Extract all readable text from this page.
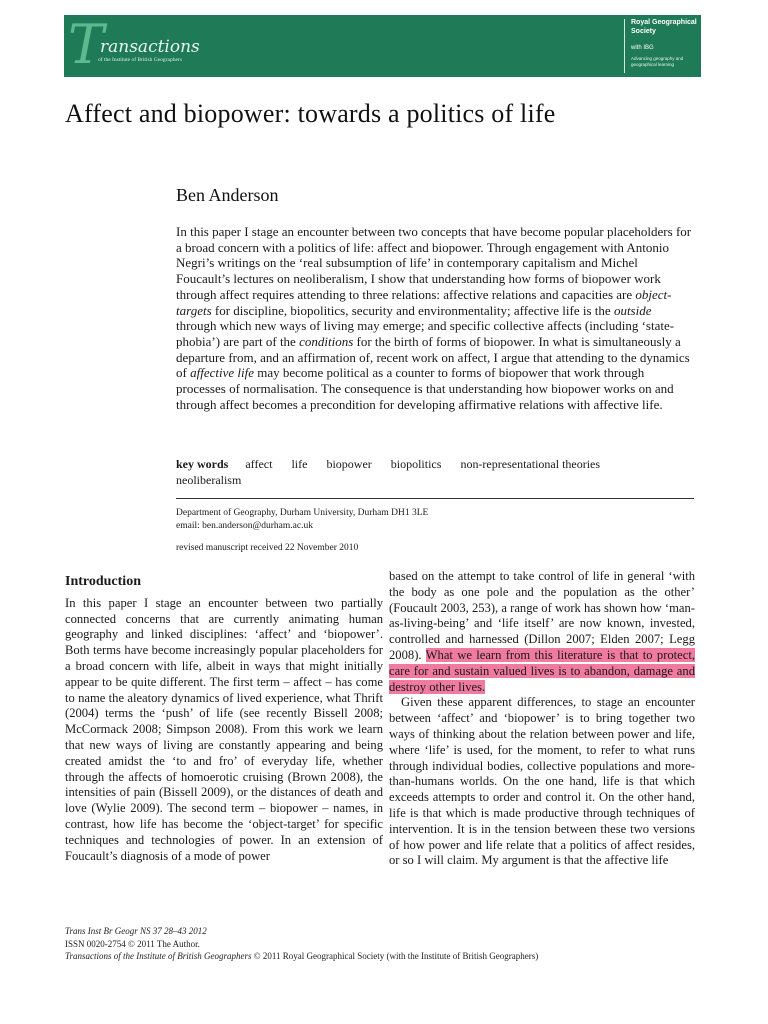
T
ransactions
of the Institute of British Geographers
Royal Geographical Society
with IBG
Advancing geography and geographical learning
Affect and biopower: towards a politics of life
Ben Anderson

In this paper I stage an encounter between two concepts that have become popular placeholders for a broad concern with a politics of life: affect and biopower. Through engagement with Antonio Negri’s writings on the ‘real subsumption of life’ in contemporary capitalism and Michel Foucault’s lectures on neoliberalism, I show that understanding how forms of biopower work through affect requires attending to three relations: affective relations and capacities are object-targets for discipline, biopolitics, security and environmentality; affective life is the outside through which new ways of living may emerge; and specific collective affects (including ‘state-phobia’) are part of the conditions for the birth of forms of biopower. In what is simultaneously a departure from, and an affirmation of, recent work on affect, I argue that attending to the dynamics of affective life may become political as a counter to forms of biopower that work through processes of normalisation. The consequence is that understanding how biopower works on and through affect becomes a precondition for developing affirmative relations with affective life.

key words affect life biopower biopolitics non-representational theories neoliberalism
Department of Geography, Durham University, Durham DH1 3LE
email: ben.anderson@durham.ac.uk
revised manuscript received 22 November 2010
Introduction

In this paper I stage an encounter between two partially connected concerns that are currently animating human geography and linked disciplines: ‘affect’ and ‘biopower’. Both terms have become increasingly popular placeholders for a broad concern with life, albeit in ways that might initially appear to be quite different. The first term – affect – has come to name the aleatory dynamics of lived experience, what Thrift (2004) terms the ‘push’ of life (see recently Bissell 2008; McCormack 2008; Simpson 2008). From this work we learn that new ways of living are constantly appearing and being created amidst the ‘to and fro’ of everyday life, whether through the affects of homoerotic cruising (Brown 2008), the intensities of pain (Bissell 2009), or the distances of death and love (Wylie 2009). The second term – biopower – names, in contrast, how life has become the ‘object-target’ for specific techniques and technologies of power. In an extension of Foucault’s diagnosis of a mode of power

based on the attempt to take control of life in general ‘with the body as one pole and the population as the other’ (Foucault 2003, 253), a range of work has shown how ‘man-as-living-being’ and ‘life itself’ are now known, invested, controlled and harnessed (Dillon 2007; Elden 2007; Legg 2008). What we learn from this literature is that to protect, care for and sustain valued lives is to abandon, damage and destroy other lives.

Given these apparent differences, to stage an encounter between ‘affect’ and ‘biopower’ is to bring together two ways of thinking about the relation between power and life, where ‘life’ is used, for the moment, to refer to what runs through individual bodies, collective populations and more-than-humans worlds. On the one hand, life is that which exceeds attempts to order and control it. On the other hand, life is that which is made productive through techniques of intervention. It is in the tension between these two versions of how power and life relate that a politics of affect resides, or so I will claim. My argument is that the affective life

Trans Inst Br Geogr NS 37 28–43 2012
ISSN 0020-2754 © 2011 The Author.
Transactions of the Institute of British Geographers © 2011 Royal Geographical Society (with the Institute of British Geographers)
